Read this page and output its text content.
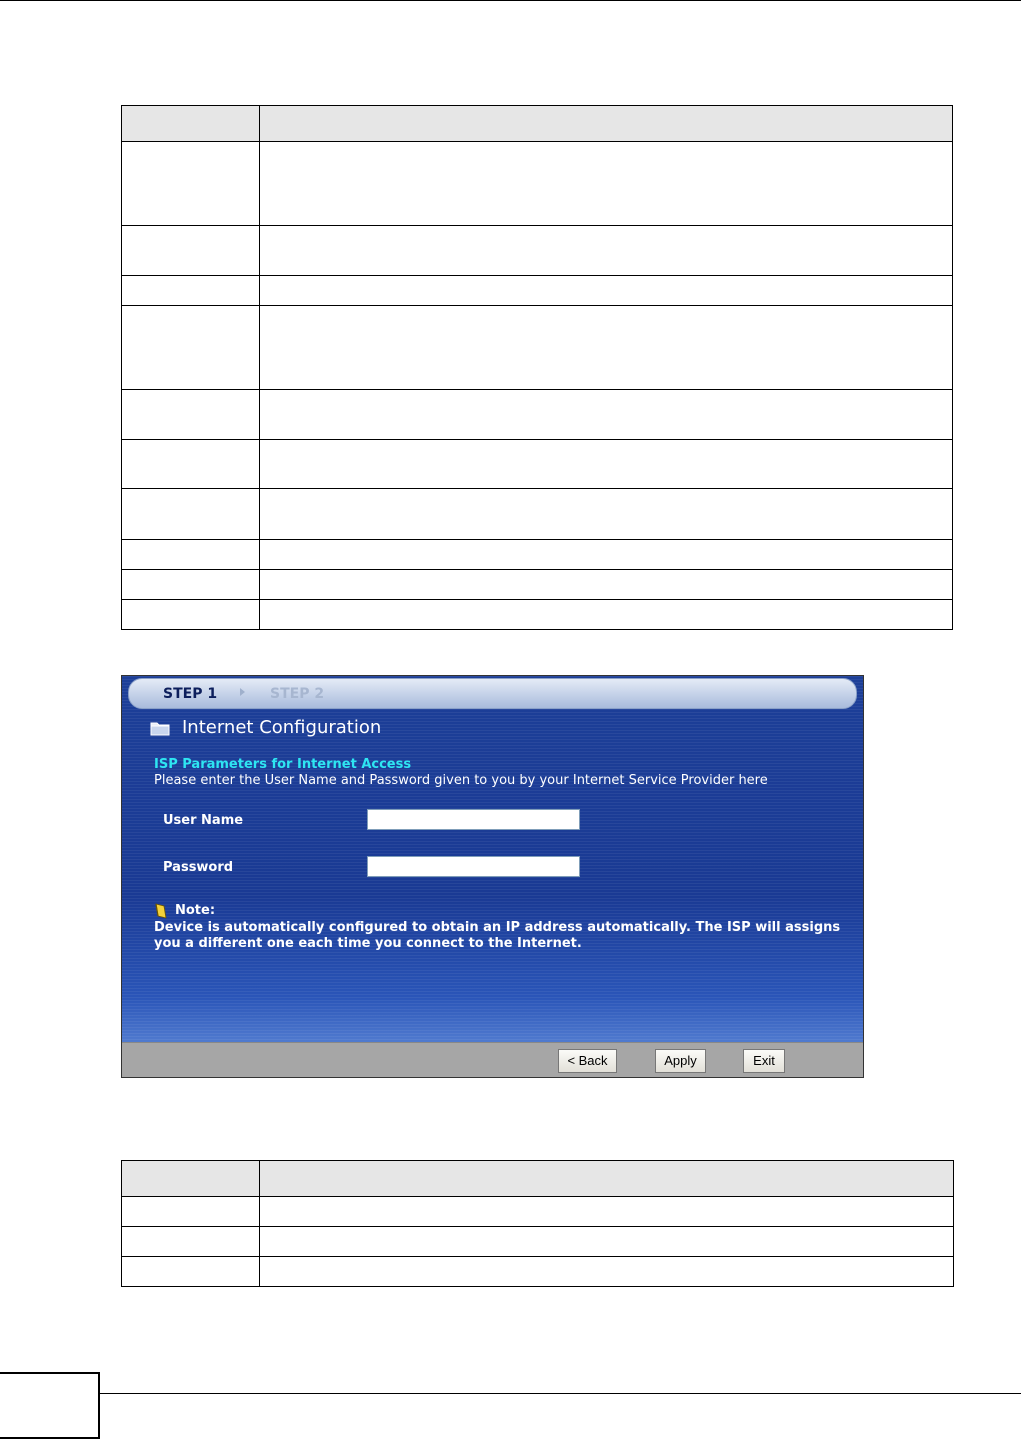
STEP 1	STEP 2
Internet Configuration
ISP Parameters for Internet Access
Please enter the User Name and Password given to you by your Internet Service Provider here
User Name
Password
Note:
Device is automatically configured to obtain an IP address automatically. The ISP will assigns you a different one each time you connect to the Internet.
< Back	Apply	Exit
